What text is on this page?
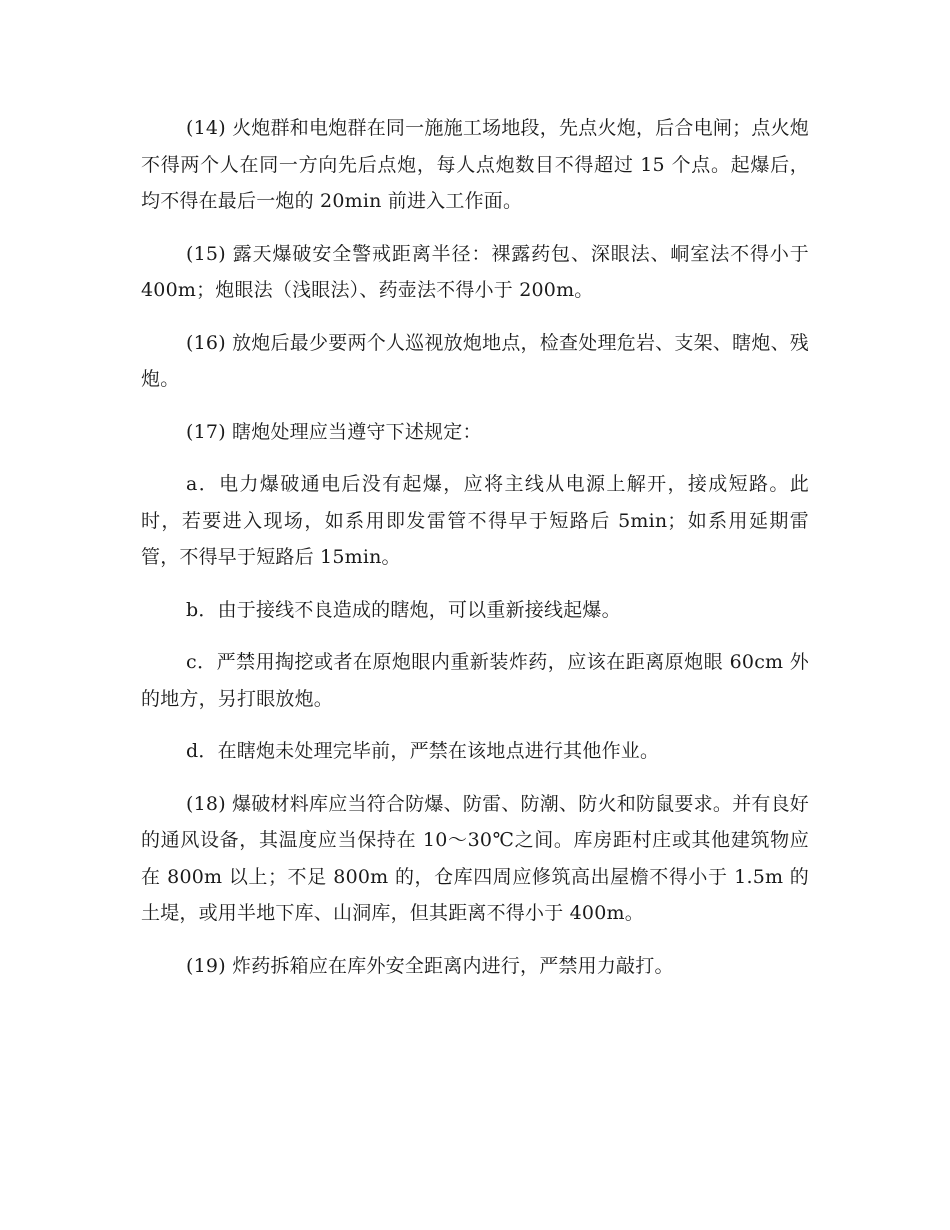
(14) 火炮群和电炮群在同一施施工场地段，先点火炮，后合电闸；点火炮不得两个人在同一方向先后点炮，每人点炮数目不得超过 15 个点。起爆后，均不得在最后一炮的 20min 前进入工作面。

(15) 露天爆破安全警戒距离半径：裸露药包、深眼法、峒室法不得小于 400m；炮眼法（浅眼法）、药壶法不得小于 200m。

(16) 放炮后最少要两个人巡视放炮地点，检查处理危岩、支架、瞎炮、残炮。

(17) 瞎炮处理应当遵守下述规定：

a．电力爆破通电后没有起爆，应将主线从电源上解开，接成短路。此时，若要进入现场，如系用即发雷管不得早于短路后 5min；如系用延期雷管，不得早于短路后 15min。

b．由于接线不良造成的瞎炮，可以重新接线起爆。

c．严禁用掏挖或者在原炮眼内重新装炸药，应该在距离原炮眼 60cm 外的地方，另打眼放炮。

d．在瞎炮未处理完毕前，严禁在该地点进行其他作业。

(18) 爆破材料库应当符合防爆、防雷、防潮、防火和防鼠要求。并有良好的通风设备，其温度应当保持在 10～30℃之间。库房距村庄或其他建筑物应在 800m 以上；不足 800m 的，仓库四周应修筑高出屋檐不得小于 1.5m 的土堤，或用半地下库、山洞库，但其距离不得小于 400m。

(19) 炸药拆箱应在库外安全距离内进行，严禁用力敲打。
